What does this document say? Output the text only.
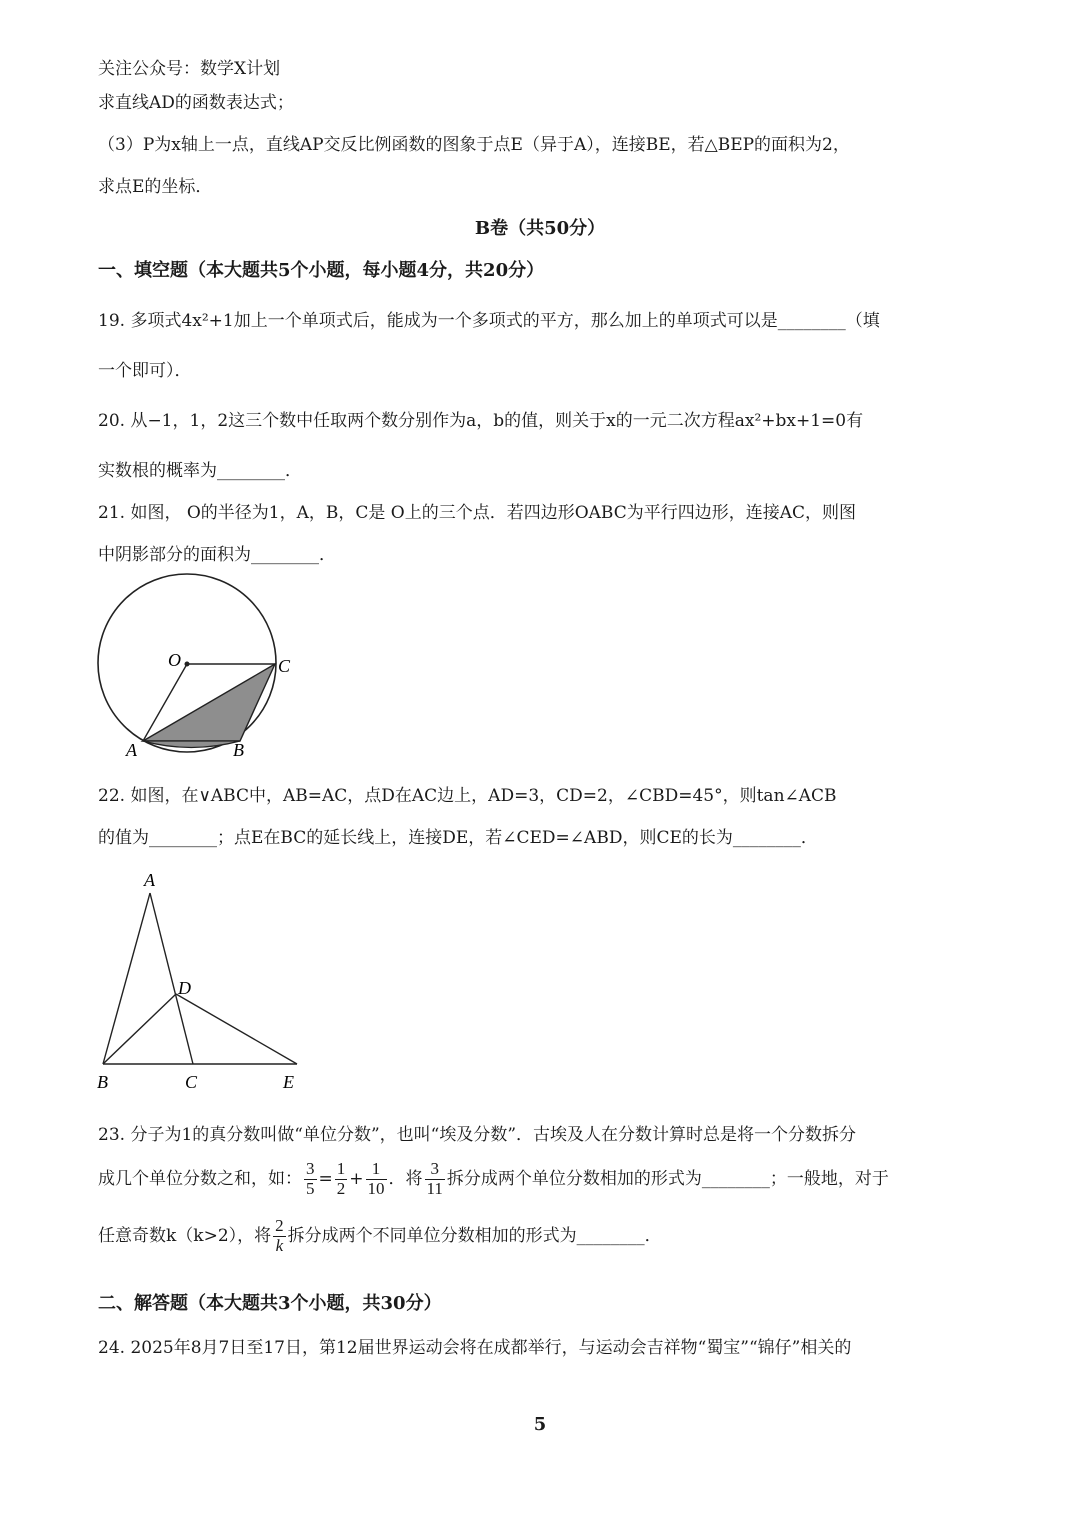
关注公众号：数学X计划
求直线AD的函数表达式；
（3）P为x轴上一点，直线AP交反比例函数的图象于点E（异于A），连接BE，若△BEP的面积为2，
求点E的坐标．
B卷（共50分）
一、填空题（本大题共5个小题，每小题4分，共20分）
19. 多项式4x²+1加上一个单项式后，能成为一个多项式的平方，那么加上的单项式可以是________（填
一个即可）．
20. 从−1，1，2这三个数中任取两个数分别作为a，b的值，则关于x的一元二次方程ax²+bx+1=0有
实数根的概率为________．
21. 如图， O的半径为1，A，B，C是 O上的三个点．若四边形OABC为平行四边形，连接AC，则图
中阴影部分的面积为________．
O	C
A	B
22. 如图，在∨ABC中，AB=AC，点D在AC边上，AD=3，CD=2，∠CBD=45°，则tan∠ACB
的值为________；点E在BC的延长线上，连接DE，若∠CED=∠ABD，则CE的长为________．
A
D
B	C	E
23. 分子为1的真分数叫做“单位分数”，也叫“埃及分数”．古埃及人在分数计算时总是将一个分数拆分
成几个单位分数之和，如： $\frac{3}{5} = \frac{1}{2} + \frac{1}{10}$ ．将 $\frac{3}{11}$ 拆分成两个单位分数相加的形式为________；一般地，对于
任意奇数k（k>2），将 $\frac{2}{k}$ 拆分成两个不同单位分数相加的形式为________．
二、解答题（本大题共3个小题，共30分）
24. 2025年8月7日至17日，第12届世界运动会将在成都举行，与运动会吉祥物“蜀宝”“锦仔”相关的
5
